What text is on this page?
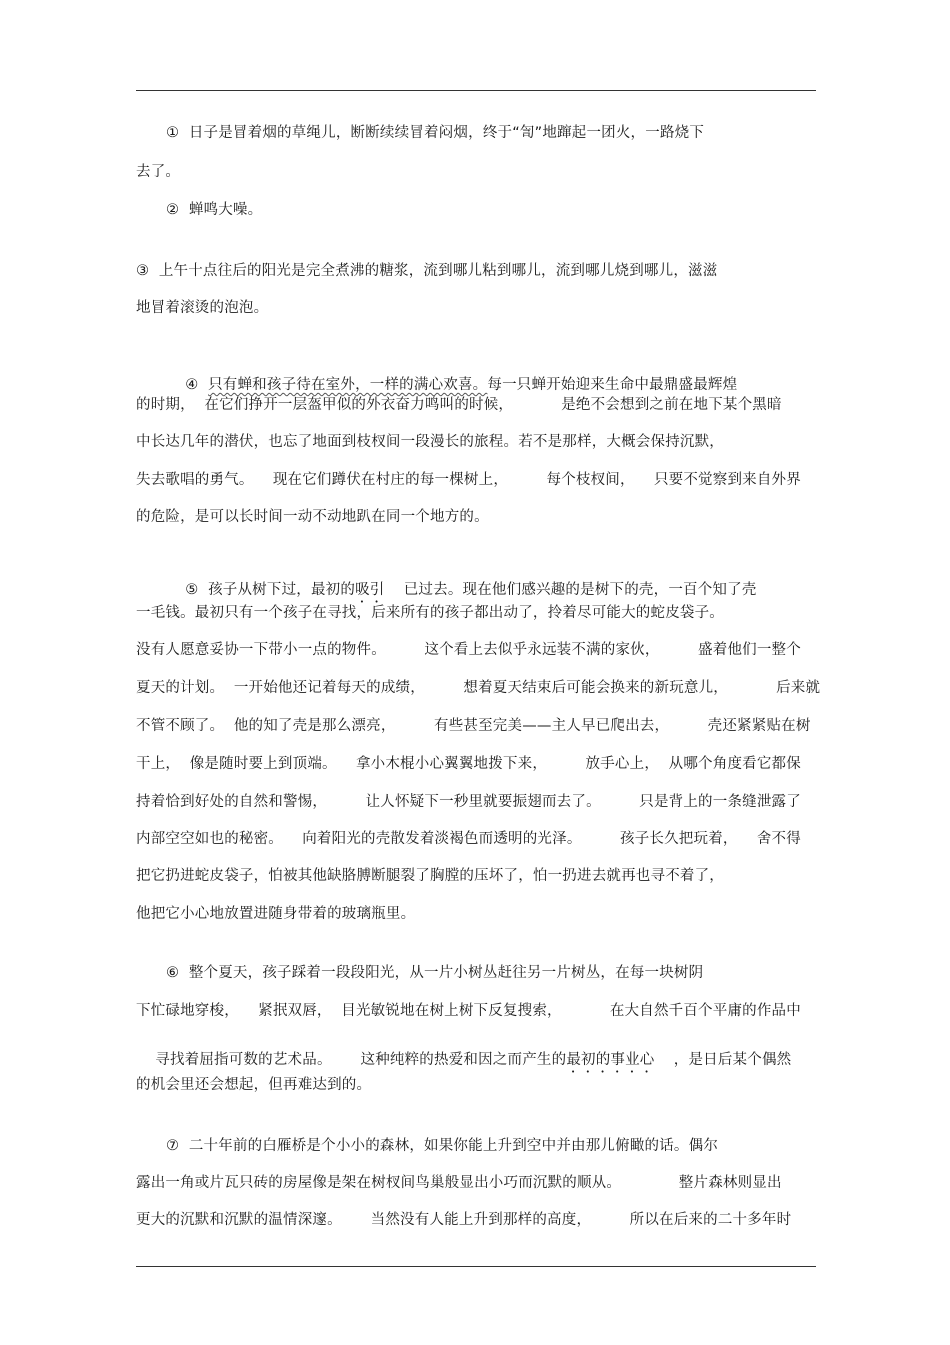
①  日子是冒着烟的草绳儿，断断续续冒着闷烟，终于“訇”地蹿起一团火，一路烧下
去了。
②  蝉鸣大噪。
③  上午十点往后的阳光是完全煮沸的糖浆，流到哪儿粘到哪儿，流到哪儿烧到哪儿，滋滋
地冒着滚烫的泡泡。

④  只有蝉和孩子待在室外，一样的满心欢喜。每一只蝉开始迎来生命中最鼎盛最辉煌

的时期，  在它们挣开一层盔甲似的外衣奋力鸣叫的时候，          是绝不会想到之前在地下某个黑暗
中长达几年的潜伏，也忘了地面到枝杈间一段漫长的旅程。若不是那样，大概会保持沉默，
失去歌唱的勇气。    现在它们蹲伏在村庄的每一棵树上，        每个枝杈间，    只要不觉察到来自外界
的危险，是可以长时间一动不动地趴在同一个地方的。

⑤  孩子从树下过，最初的吸引    已过去。现在他们感兴趣的是树下的壳，一百个知了壳

一毛钱。最初只有一个孩子在寻找，后来所有的孩子都出动了，拎着尽可能大的蛇皮袋子。
没有人愿意妥协一下带小一点的物件。        这个看上去似乎永远装不满的家伙，        盛着他们一整个
夏天的计划。  一开始他还记着每天的成绩，        想着夏天结束后可能会换来的新玩意儿，          后来就
不管不顾了。  他的知了壳是那么漂亮，        有些甚至完美——主人早已爬出去，        壳还紧紧贴在树
干上，  像是随时要上到顶端。    拿小木棍小心翼翼地拨下来，        放手心上，  从哪个角度看它都保
持着恰到好处的自然和警惕，        让人怀疑下一秒里就要振翅而去了。        只是背上的一条缝泄露了
内部空空如也的秘密。    向着阳光的壳散发着淡褐色而透明的光泽。        孩子长久把玩着，    舍不得
把它扔进蛇皮袋子，怕被其他缺胳膊断腿裂了胸膛的压坏了，怕一扔进去就再也寻不着了，
他把它小心地放置进随身带着的玻璃瓶里。
⑥  整个夏天，孩子踩着一段段阳光，从一片小树丛赶往另一片树丛，在每一块树阴
下忙碌地穿梭，    紧抿双唇，  目光敏锐地在树上树下反复搜索，          在大自然千百个平庸的作品中

寻找着屈指可数的艺术品。      这种纯粹的热爱和因之而产生的最初的事业心    ，是日后某个偶然

的机会里还会想起，但再难达到的。
⑦  二十年前的白雁桥是个小小的森林，如果你能上升到空中并由那儿俯瞰的话。偶尔
露出一角或片瓦只砖的房屋像是架在树杈间鸟巢般显出小巧而沉默的顺从。            整片森林则显出
更大的沉默和沉默的温情深邃。      当然没有人能上升到那样的高度，        所以在后来的二十多年时
